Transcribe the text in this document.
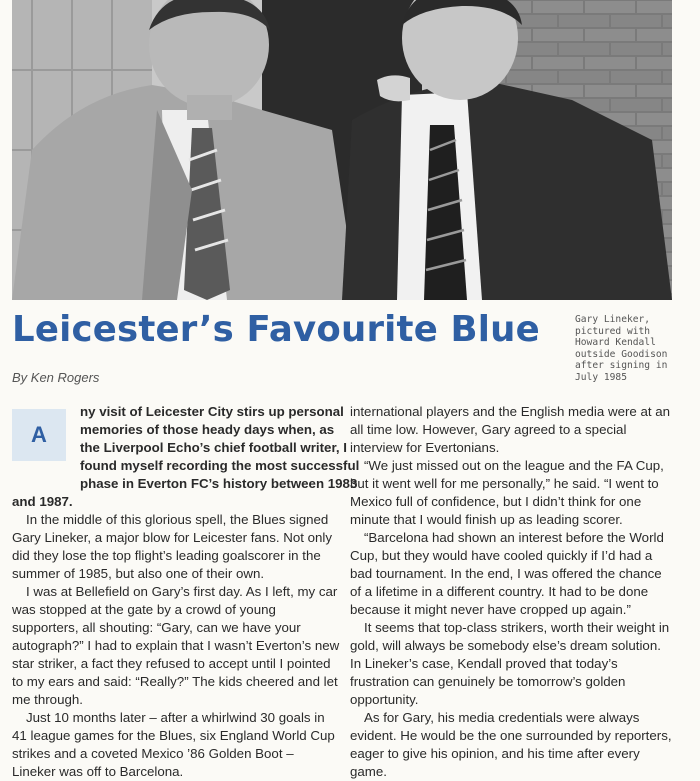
Leicester’s Favourite Blue	Gary Lineker,
pictured with
Howard Kendall
outside Goodison
after signing in
July 1985
By Ken Rogers
A
ny visit of Leicester City stirs up personal
memories of those heady days when, as
the Liverpool Echo’s chief football writer, I
found myself recording the most successful
phase in Everton FC’s history between 1983
and 1987.

In the middle of this glorious spell, the Blues signed Gary Lineker, a major blow for Leicester fans. Not only did they lose the top flight’s leading goalscorer in the summer of 1985, but also one of their own.

I was at Bellefield on Gary’s first day. As I left, my car was stopped at the gate by a crowd of young supporters, all shouting: “Gary, can we have your autograph?” I had to explain that I wasn’t Everton’s new star striker, a fact they refused to accept until I pointed to my ears and said: “Really?” The kids cheered and let me through.

Just 10 months later – after a whirlwind 30 goals in 41 league games for the Blues, six England World Cup strikes and a coveted Mexico ’86 Golden Boot – Lineker was off to Barcelona.

international players and the English media were at an all time low. However, Gary agreed to a special interview for Evertonians.

“We just missed out on the league and the FA Cup, but it went well for me personally,” he said. “I went to Mexico full of confidence, but I didn’t think for one minute that I would finish up as leading scorer.

“Barcelona had shown an interest before the World Cup, but they would have cooled quickly if I’d had a bad tournament. In the end, I was offered the chance of a lifetime in a different country. It had to be done because it might never have cropped up again.”

It seems that top-class strikers, worth their weight in gold, will always be somebody else’s dream solution. In Lineker’s case, Kendall proved that today’s frustration can genuinely be tomorrow’s golden opportunity.

As for Gary, his media credentials were always evident. He would be the one surrounded by reporters, eager to give his opinion, and his time after every game.
